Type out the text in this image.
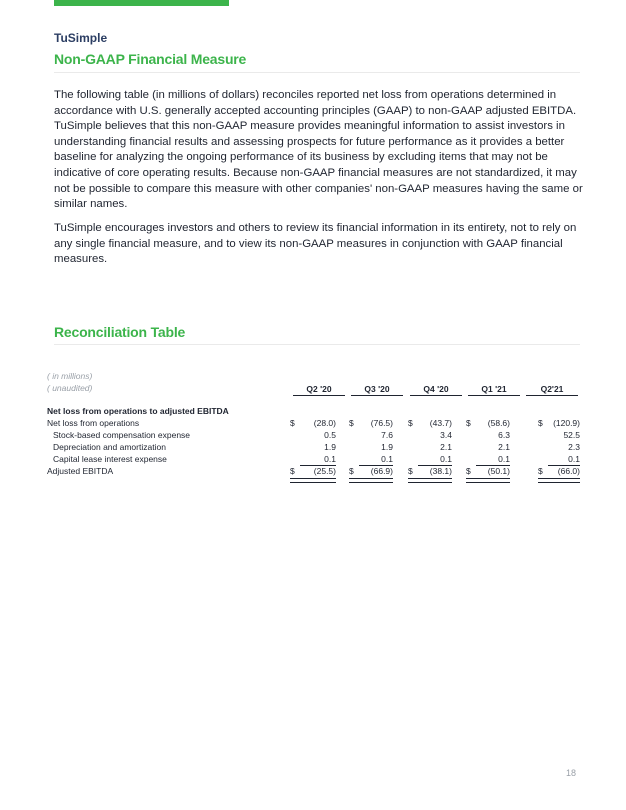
TuSimple
Non-GAAP Financial Measure

The following table (in millions of dollars) reconciles reported net loss from operations determined in accordance with U.S. generally accepted accounting principles (GAAP) to non-GAAP adjusted EBITDA. TuSimple believes that this non-GAAP measure provides meaningful information to assist investors in understanding financial results and assessing prospects for future performance as it provides a better baseline for analyzing the ongoing performance of its business by excluding items that may not be indicative of core operating results. Because non-GAAP financial measures are not standardized, it may not be possible to compare this measure with other companies' non-GAAP measures having the same or similar names.

TuSimple encourages investors and others to review its financial information in its entirety, not to rely on any single financial measure, and to view its non-GAAP measures in conjunction with GAAP financial measures.

Reconciliation Table
( in millions)
( unaudited)	Q2 '20	Q3 '20	Q4 '20	Q1 '21	Q2'21
Net loss from operations to adjusted EBITDA
Net loss from operations	$	(28.0) $	(76.5) $	(43.7) $	(58.6)	$	(120.9)
Stock-based compensation expense	0.5	7.6	3.4	6.3	52.5
Depreciation and amortization	1.9	1.9	2.1	2.1	2.3
Capital lease interest expense	0.1	0.1	0.1	0.1	0.1
Adjusted EBITDA	$	(25.5) $	(66.9) $	(38.1) $	(50.1)	$	(66.0)
18
